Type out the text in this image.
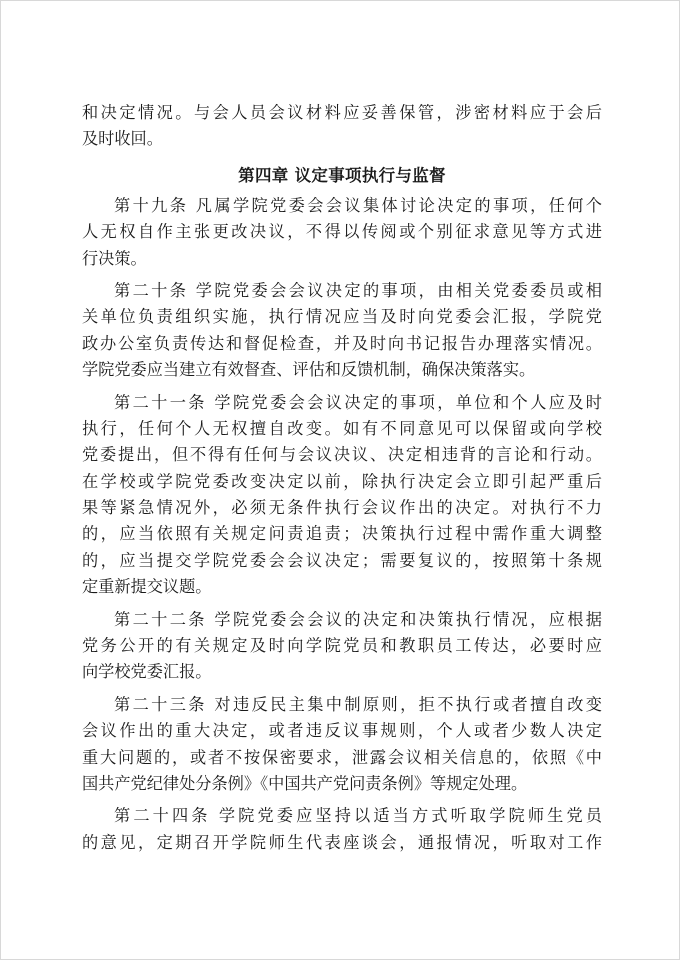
和决定情况。与会人员会议材料应妥善保管，涉密材料应于会后
及时收回。
第四章 议定事项执行与监督
第十九条 凡属学院党委会会议集体讨论决定的事项，任何个
人无权自作主张更改决议，不得以传阅或个别征求意见等方式进
行决策。
第二十条 学院党委会会议决定的事项，由相关党委委员或相
关单位负责组织实施，执行情况应当及时向党委会汇报，学院党
政办公室负责传达和督促检查，并及时向书记报告办理落实情况。
学院党委应当建立有效督查、评估和反馈机制，确保决策落实。
第二十一条 学院党委会会议决定的事项，单位和个人应及时
执行，任何个人无权擅自改变。如有不同意见可以保留或向学校
党委提出，但不得有任何与会议决议、决定相违背的言论和行动。
在学校或学院党委改变决定以前，除执行决定会立即引起严重后
果等紧急情况外，必须无条件执行会议作出的决定。对执行不力
的，应当依照有关规定问责追责；决策执行过程中需作重大调整
的，应当提交学院党委会会议决定；需要复议的，按照第十条规
定重新提交议题。
第二十二条 学院党委会会议的决定和决策执行情况，应根据
党务公开的有关规定及时向学院党员和教职员工传达，必要时应
向学校党委汇报。
第二十三条 对违反民主集中制原则，拒不执行或者擅自改变
会议作出的重大决定，或者违反议事规则，个人或者少数人决定
重大问题的，或者不按保密要求，泄露会议相关信息的，依照《中
国共产党纪律处分条例》《中国共产党问责条例》等规定处理。
第二十四条 学院党委应坚持以适当方式听取学院师生党员
的意见，定期召开学院师生代表座谈会，通报情况，听取对工作
